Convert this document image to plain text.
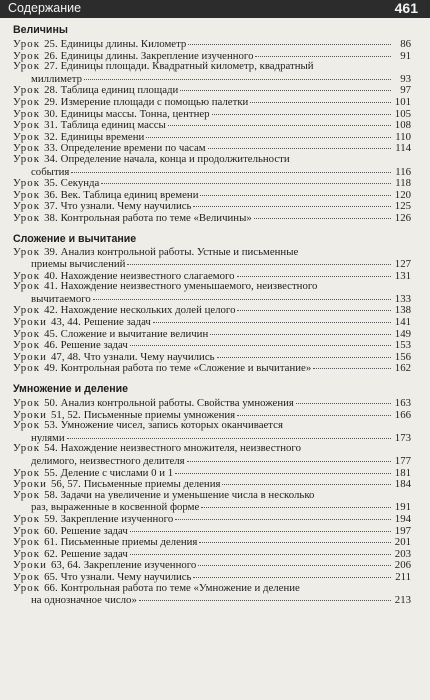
Содержание	461
Величины
Урок 25. Единицы длины. Километр	86
Урок 26. Единицы длины. Закрепление изученного	91
Урок 27. Единицы площади. Квадратный километр, квадратный
миллиметр	93
Урок 28. Таблица единиц площади	97
Урок 29. Измерение площади с помощью палетки	101
Урок 30. Единицы массы. Тонна, центнер	105
Урок 31. Таблица единиц массы	108
Урок 32. Единицы времени	110
Урок 33. Определение времени по часам	114
Урок 34. Определение начала, конца и продолжительности
события	116
Урок 35. Секунда	118
Урок 36. Век. Таблица единиц времени	120
Урок 37. Что узнали. Чему научились	125
Урок 38. Контрольная работа по теме «Величины»	126
Сложение и вычитание
Урок 39. Анализ контрольной работы. Устные и письменные
приемы вычислений	127
Урок 40. Нахождение неизвестного слагаемого	131
Урок 41. Нахождение неизвестного уменьшаемого, неизвестного
вычитаемого	133
Урок 42. Нахождение нескольких долей целого	138
Уроки 43, 44. Решение задач	141
Урок 45. Сложение и вычитание величин	149
Урок 46. Решение задач	153
Уроки 47, 48. Что узнали. Чему научились	156
Урок 49. Контрольная работа по теме «Сложение и вычитание»	162
Умножение и деление
Урок 50. Анализ контрольной работы. Свойства умножения	163
Уроки 51, 52. Письменные приемы умножения	166
Урок 53. Умножение чисел, запись которых оканчивается
нулями	173
Урок 54. Нахождение неизвестного множителя, неизвестного
делимого, неизвестного делителя	177
Урок 55. Деление с числами 0 и 1	181
Уроки 56, 57. Письменные приемы деления	184
Урок 58. Задачи на увеличение и уменьшение числа в несколько
раз, выраженные в косвенной форме	191
Урок 59. Закрепление изученного	194
Урок 60. Решение задач	197
Урок 61. Письменные приемы деления	201
Урок 62. Решение задач	203
Уроки 63, 64. Закрепление изученного	206
Урок 65. Что узнали. Чему научились	211
Урок 66. Контрольная работа по теме «Умножение и деление
на однозначное число»	213
